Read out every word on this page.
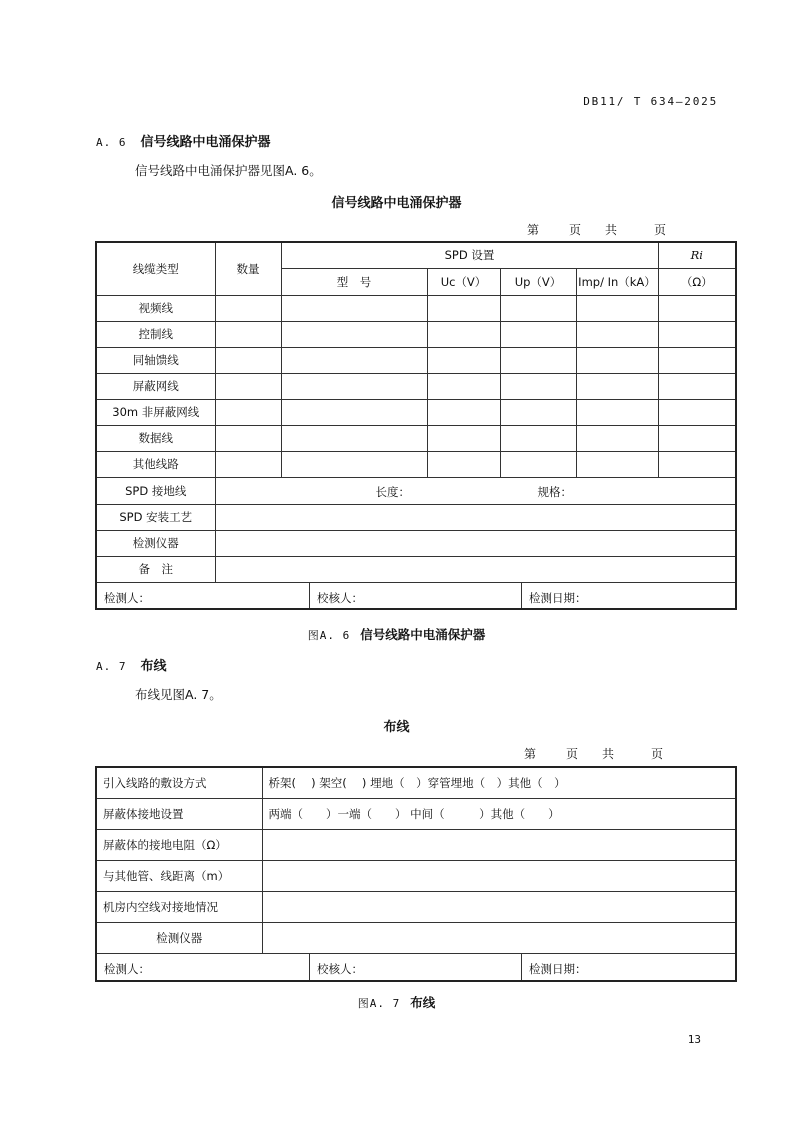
DB11/ T 634—2025
A. 6 信号线路中电涌保护器
信号线路中电涌保护器见图A. 6。
信号线路中电涌保护器
第 页 共	页
线缆类型	数量	SPD 设置				Ri
		型　号	Uc（V）	Up（V）	Imp/ In（kA）	（Ω）
视频线						
控制线						
同轴馈线						
屏蔽网线						
30m 非屏蔽网线						
数据线						
其他线路						
SPD 接地线	长度： 规格：					

SPD 安装工艺						
检测仪器						
备　注						

检测人： 校核人： 检测日期：						
图A. 6 信号线路中电涌保护器
A. 7 布线
布线见图A. 7。
布线
第 页 共	页
引入线路的敷设方式	桥架(　 ) 架空(　 ) 埋地（　）穿管埋地（　）其他（　）
屏蔽体接地设置	两端（　　）一端（　　） 中间（　　　）其他（　　）
屏蔽体的接地电阻（Ω）	
与其他管、线距离（m）	
机房内空线对接地情况	
检测仪器	

检测人： 校核人： 检测日期：	
图A. 7 布线
13
